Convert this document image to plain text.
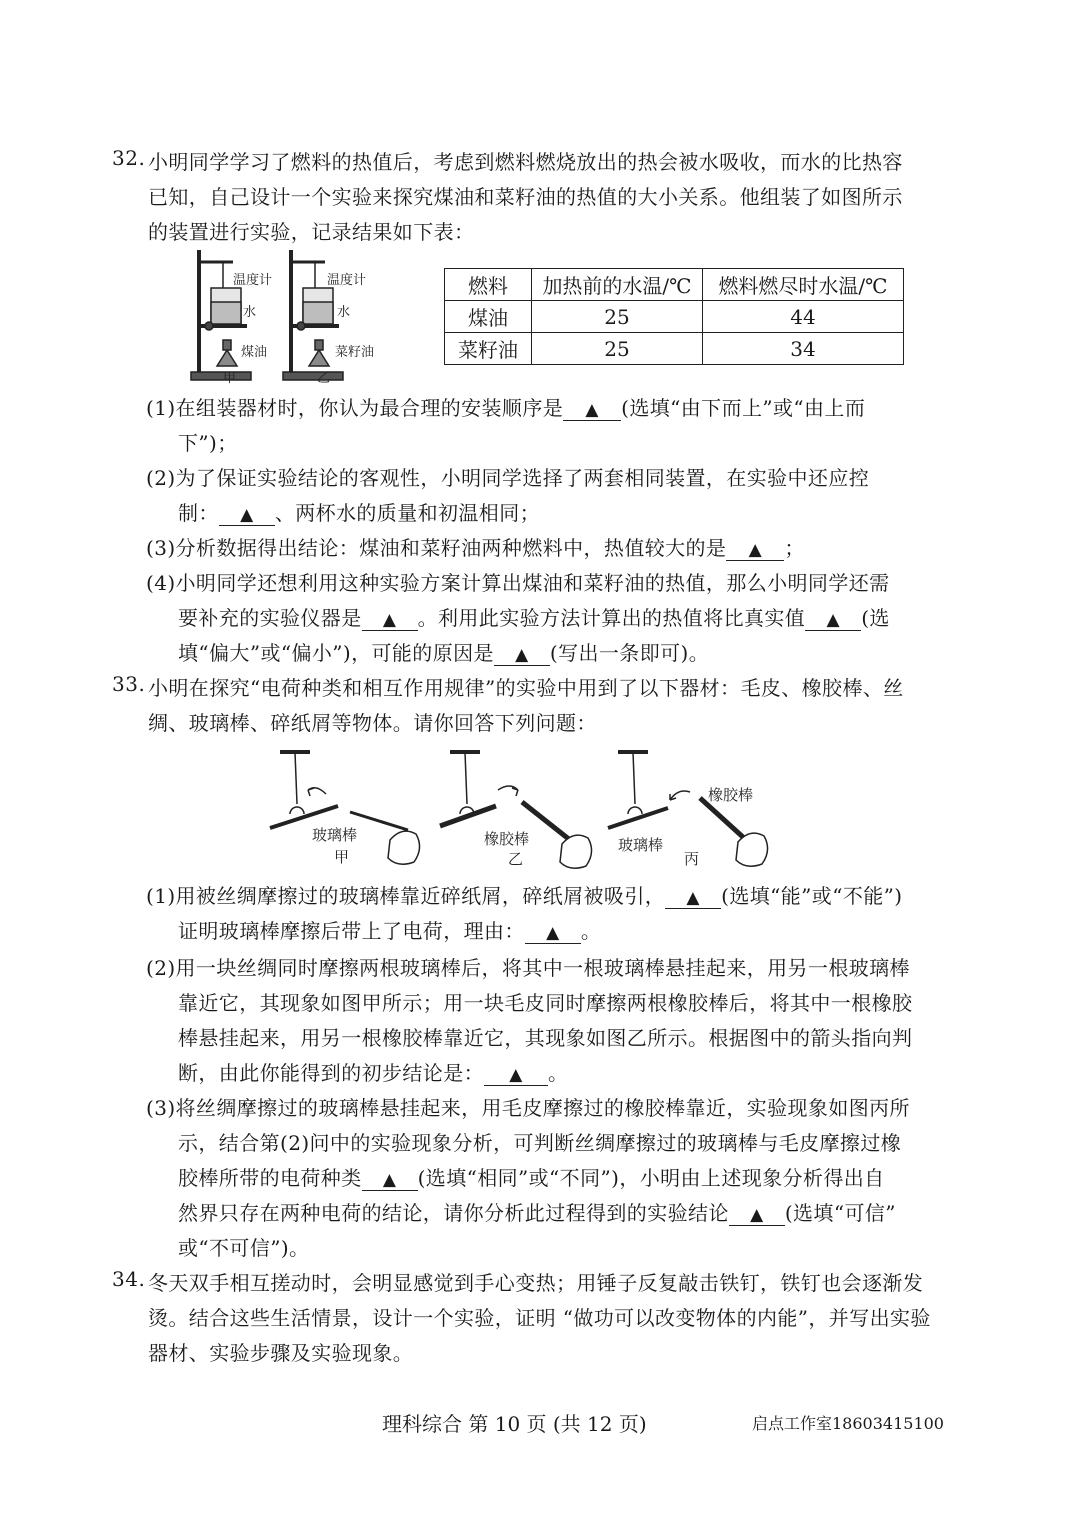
32. 小明同学学习了燃料的热值后，考虑到燃料燃烧放出的热会被水吸收，而水的比热容
已知，自己设计一个实验来探究煤油和菜籽油的热值的大小关系。他组装了如图所示
的装置进行实验，记录结果如下表：
温度计
水
煤油
甲
温度计
水
菜籽油
乙
燃料	加热前的水温/℃	燃料燃尽时水温/℃
煤油	25	44
菜籽油	25	34
(1)在组装器材时，你认为最合理的安装顺序是 ▲ (选填“由下而上”或“由上而
下”)；
(2)为了保证实验结论的客观性，小明同学选择了两套相同装置，在实验中还应控
制： ▲ 、两杯水的质量和初温相同；
(3)分析数据得出结论：煤油和菜籽油两种燃料中，热值较大的是 ▲ ；
(4)小明同学还想利用这种实验方案计算出煤油和菜籽油的热值，那么小明同学还需
要补充的实验仪器是 ▲ 。利用此实验方法计算出的热值将比真实值 ▲ (选
填“偏大”或“偏小”)，可能的原因是 ▲ (写出一条即可)。
33. 小明在探究“电荷种类和相互作用规律”的实验中用到了以下器材：毛皮、橡胶棒、丝
绸、玻璃棒、碎纸屑等物体。请你回答下列问题：
玻璃棒
甲
橡胶棒
乙
玻璃棒
橡胶棒
丙
(1)用被丝绸摩擦过的玻璃棒靠近碎纸屑，碎纸屑被吸引， ▲ (选填“能”或“不能”)
证明玻璃棒摩擦后带上了电荷，理由： ▲ 。
(2)用一块丝绸同时摩擦两根玻璃棒后，将其中一根玻璃棒悬挂起来，用另一根玻璃棒
靠近它，其现象如图甲所示；用一块毛皮同时摩擦两根橡胶棒后，将其中一根橡胶
棒悬挂起来，用另一根橡胶棒靠近它，其现象如图乙所示。根据图中的箭头指向判
断，由此你能得到的初步结论是： ▲ 。
(3)将丝绸摩擦过的玻璃棒悬挂起来，用毛皮摩擦过的橡胶棒靠近，实验现象如图丙所
示，结合第(2)问中的实验现象分析，可判断丝绸摩擦过的玻璃棒与毛皮摩擦过橡
胶棒所带的电荷种类 ▲ (选填“相同”或“不同”)，小明由上述现象分析得出自
然界只存在两种电荷的结论，请你分析此过程得到的实验结论 ▲ (选填“可信”
或“不可信”)。
34. 冬天双手相互搓动时，会明显感觉到手心变热；用锤子反复敲击铁钉，铁钉也会逐渐发
烫。结合这些生活情景，设计一个实验，证明 “做功可以改变物体的内能”，并写出实验
器材、实验步骤及实验现象。
理科综合 第 10 页 (共 12 页)	启点工作室18603415100
